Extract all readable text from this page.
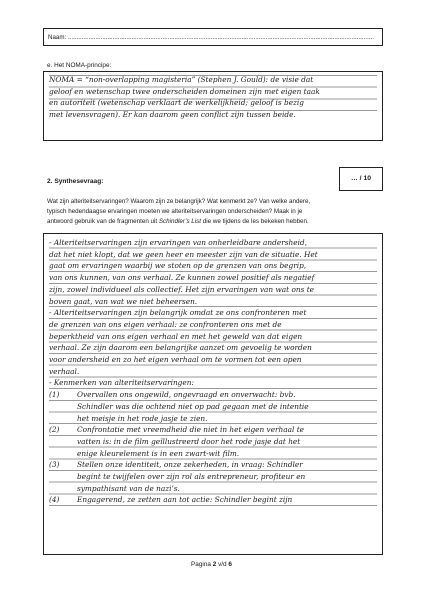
Naam: ..................................................................................................................................................................................
e. Het NOMA-principe:
NOMA = “non-overlapping magisteria” (Stephen J. Gould): de visie dat
geloof en wetenschap twee onderscheiden domeinen zijn met eigen taak
en autoriteit (wetenschap verklaart de werkelijkheid; geloof is bezig
met levensvragen). Er kan daarom geen conflict zijn tussen beide.
2. Synthesevraag:	… / 10
Wat zijn alteriteitservaringen? Waarom zijn ze belangrijk? Wat kenmerkt ze? Van welke andere,
typisch hedendaagse ervaringen moeten we alteriteitservaringen onderscheiden? Maak in je
antwoord gebruik van de fragmenten uit Schindler’s List die we tijdens de les bekeken hebben.
- Alteriteitservaringen zijn ervaringen van onherleidbare andersheid,
dat het niet klopt, dat we geen heer en meester zijn van de situatie. Het
gaat om ervaringen waarbij we stoten op de grenzen van ons begrip,
van ons kunnen, van ons verhaal. Ze kunnen zowel positief als negatief
zijn, zowel individueel als collectief. Het zijn ervaringen van wat ons te
boven gaat, van wat we niet beheersen.
- Alteriteitservaringen zijn belangrijk omdat ze ons confronteren met
de grenzen van ons eigen verhaal: ze confronteren ons met de
beperktheid van ons eigen verhaal en met het geweld van dat eigen
verhaal. Ze zijn daarom een belangrijke aanzet om gevoelig te worden
voor andersheid en zo het eigen verhaal om te vormen tot een open
verhaal.
- Kenmerken van alteriteitservaringen:
(1) Overvallen ons ongewild, ongevraagd en onverwacht: bvb.
Schindler was die ochtend niet op pad gegaan met de intentie
het meisje in het rode jasje te zien.
(2) Confrontatie met vreemdheid die niet in het eigen verhaal te
vatten is: in de film geïllustreerd door het rode jasje dat het
enige kleurelement is in een zwart-wit film.
(3) Stellen onze identiteit, onze zekerheden, in vraag: Schindler
begint te twijfelen over zijn rol als entrepreneur, profiteur en
sympathisant van de nazi’s.
(4) Engagerend, ze zetten aan tot actie: Schindler begint zijn
Pagina 2 v/d 6
